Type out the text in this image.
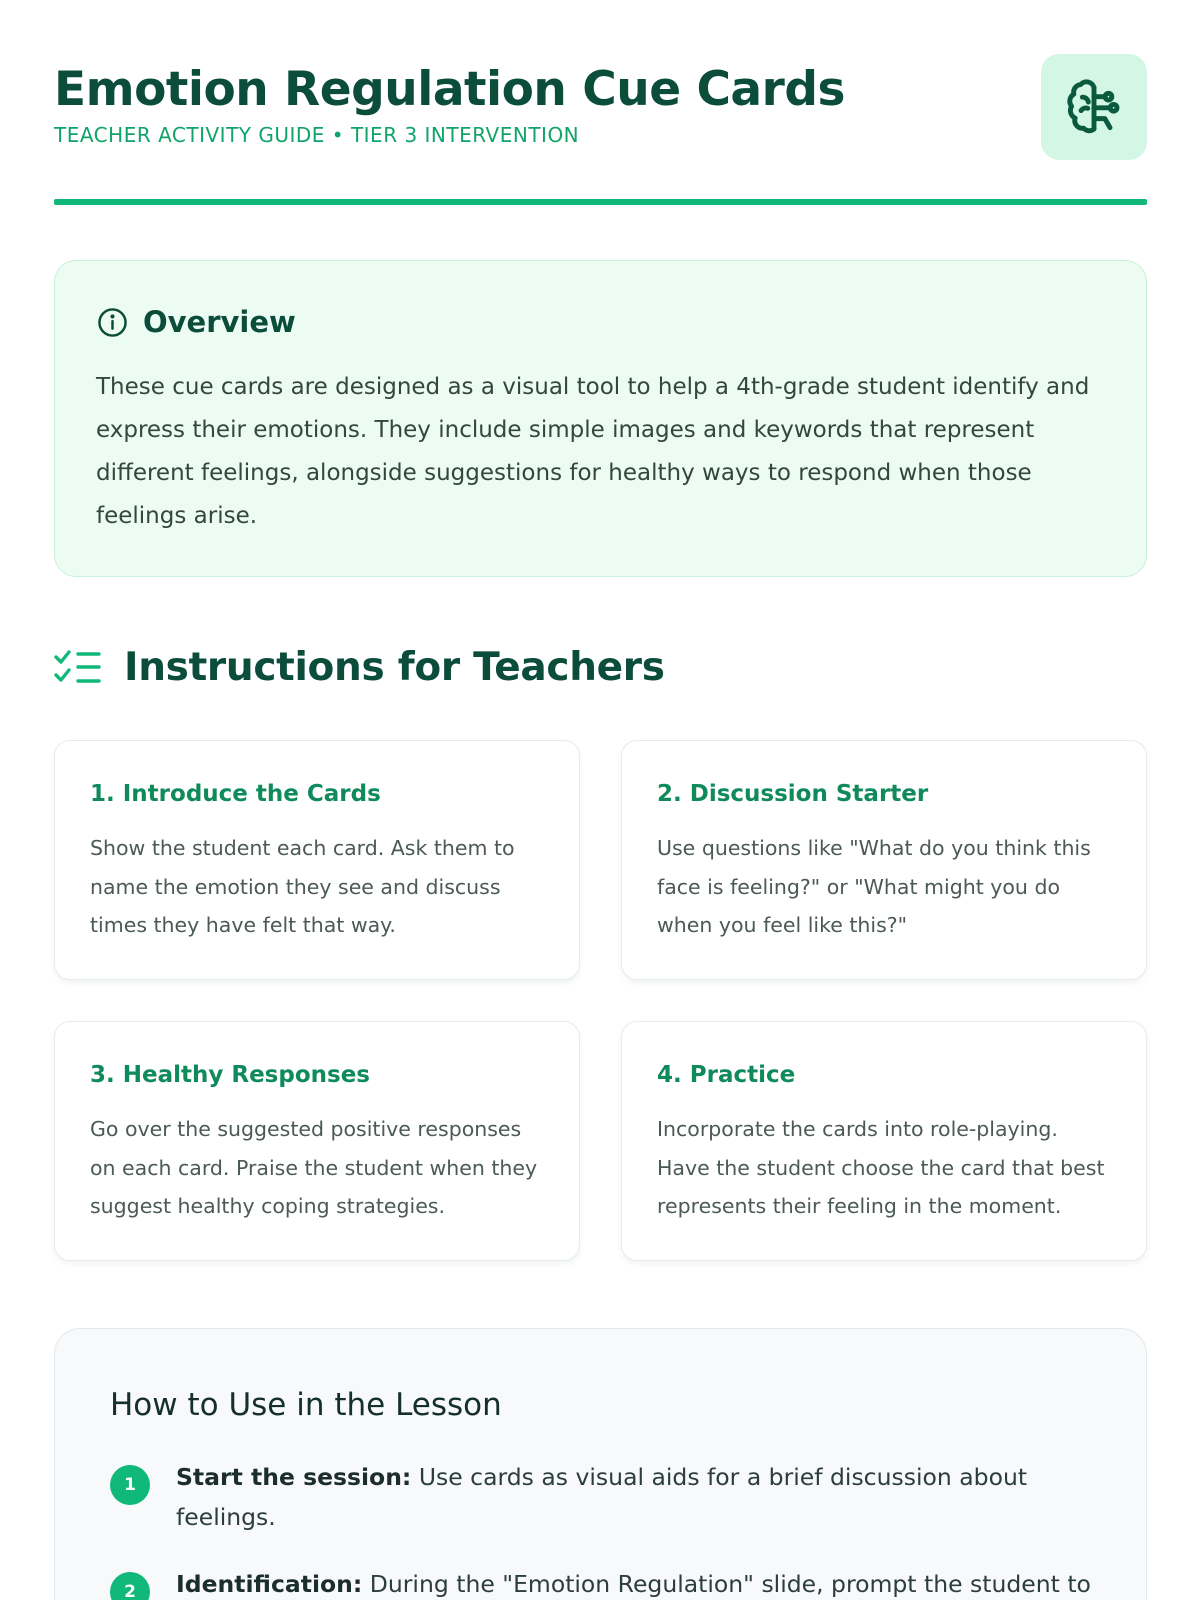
Emotion Regulation Cue Cards
TEACHER ACTIVITY GUIDE • TIER 3 INTERVENTION
Overview

These cue cards are designed as a visual tool to help a 4th-grade student identify and express their emotions. They include simple images and keywords that represent different feelings, alongside suggestions for healthy ways to respond when those feelings arise.

Instructions for Teachers
1. Introduce the Cards

Show the student each card. Ask them to name the emotion they see and discuss times they have felt that way.

2. Discussion Starter

Use questions like "What do you think this face is feeling?" or "What might you do when you feel like this?"

3. Healthy Responses

Go over the suggested positive responses on each card. Praise the student when they suggest healthy coping strategies.

4. Practice

Incorporate the cards into role-playing. Have the student choose the card that best represents their feeling in the moment.

How to Use in the Lesson
1	Start the session: Use cards as visual aids for a brief discussion about feelings.
2	Identification: During the "Emotion Regulation" slide, prompt the student to
